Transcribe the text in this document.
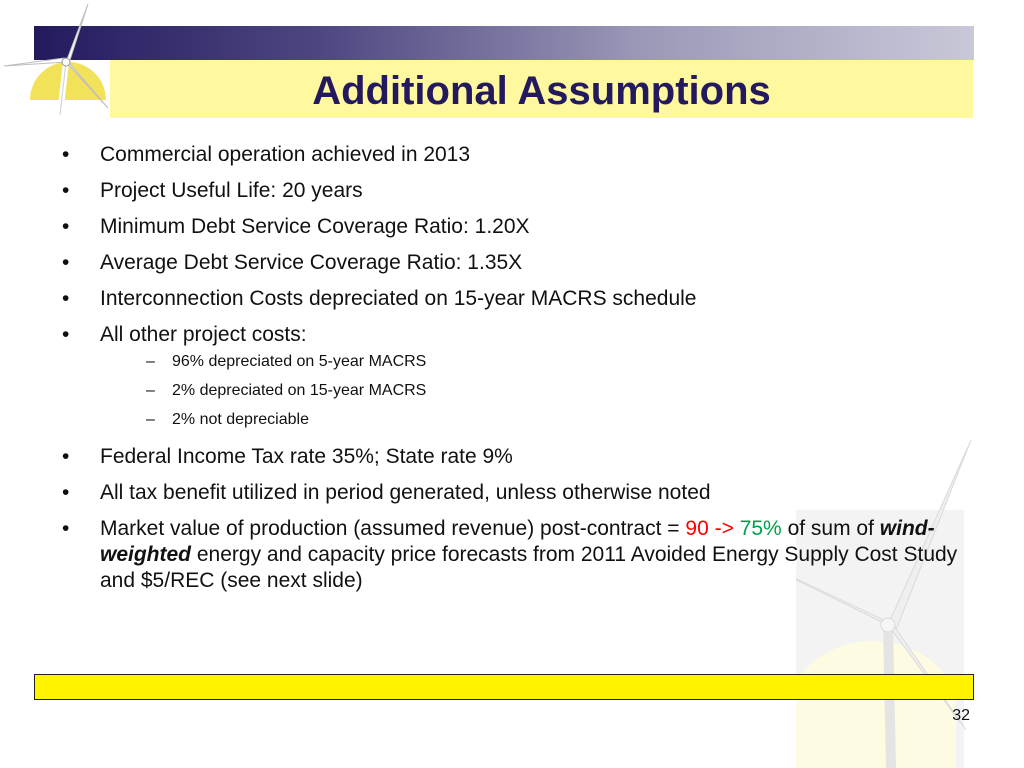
Additional Assumptions
• Commercial operation achieved in 2013
• Project Useful Life: 20 years
• Minimum Debt Service Coverage Ratio: 1.20X
• Average Debt Service Coverage Ratio: 1.35X
• Interconnection Costs depreciated on 15-year MACRS schedule
• All other project costs:
– 96% depreciated on 5-year MACRS
– 2% depreciated on 15-year MACRS
– 2% not depreciable
• Federal Income Tax rate 35%; State rate 9%
• All tax benefit utilized in period generated, unless otherwise noted
• Market value of production (assumed revenue) post-contract = 90 -> 75% of sum of wind-weighted energy and capacity price forecasts from 2011 Avoided Energy Supply Cost Study and $5/REC (see next slide)
32
